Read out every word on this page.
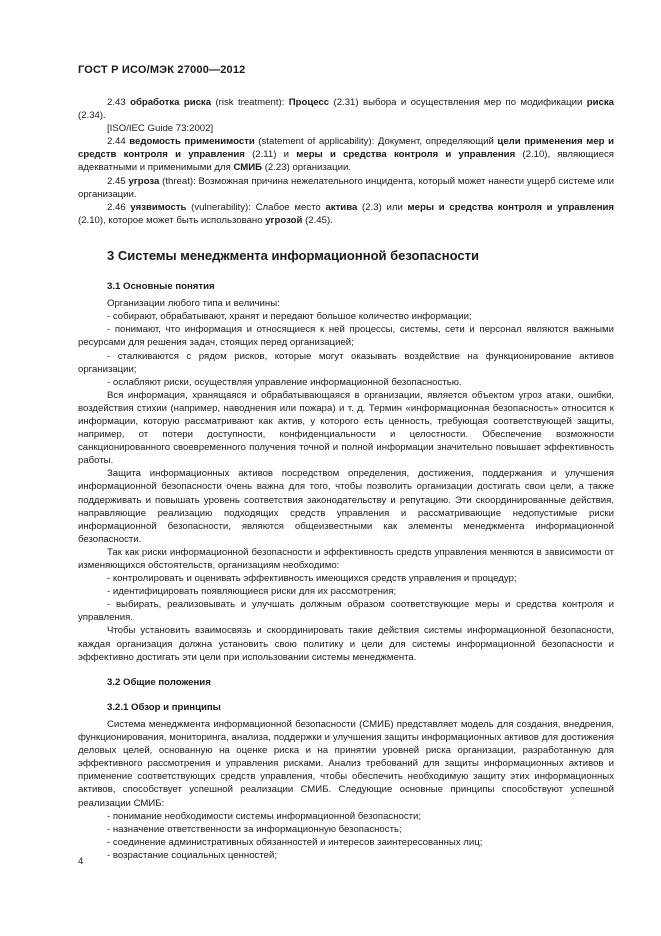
ГОСТ Р ИСО/МЭК 27000—2012

2.43 обработка риска (risk treatment): Процесс (2.31) выбора и осуществления мер по модификации риска (2.34).

[ISO/IEC Guide 73:2002]

2.44 ведомость применимости (statement of applicability): Документ, определяющий цели применения мер и средств контроля и управления (2.11) и меры и средства контроля и управления (2.10), являющиеся адекватными и применимыми для СМИБ (2.23) организации.

2.45 угроза (threat): Возможная причина нежелательного инцидента, который может нанести ущерб системе или организации.

2.46 уязвимость (vulnerability): Слабое место актива (2.3) или меры и средства контроля и управления (2.10), которое может быть использовано угрозой (2.45).

3 Системы менеджмента информационной безопасности
3.1 Основные понятия

Организации любого типа и величины:

- собирают, обрабатывают, хранят и передают большое количество информации;

- понимают, что информация и относящиеся к ней процессы, системы, сети и персонал являются важными ресурсами для решения задач, стоящих перед организацией;

- сталкиваются с рядом рисков, которые могут оказывать воздействие на функционирование активов организации;

- ослабляют риски, осуществляя управление информационной безопасностью.

Вся информация, хранящаяся и обрабатывающаяся в организации, является объектом угроз атаки, ошибки, воздействия стихии (например, наводнения или пожара) и т. д. Термин «информационная безопасность» относится к информации, которую рассматривают как актив, у которого есть ценность, требующая соответствующей защиты, например, от потери доступности, конфиденциальности и целостности. Обеспечение возможности санкционированного своевременного получения точной и полной информации значительно повышает эффективность работы.

Защита информационных активов посредством определения, достижения, поддержания и улучшения информационной безопасности очень важна для того, чтобы позволить организации достигать свои цели, а также поддерживать и повышать уровень соответствия законодательству и репутацию. Эти скоординированные действия, направляющие реализацию подходящих средств управления и рассматривающие недопустимые риски информационной безопасности, являются общеизвестными как элементы менеджмента информационной безопасности.

Так как риски информационной безопасности и эффективность средств управления меняются в зависимости от изменяющихся обстоятельств, организациям необходимо:

- контролировать и оценивать эффективность имеющихся средств управления и процедур;

- идентифицировать появляющиеся риски для их рассмотрения;

- выбирать, реализовывать и улучшать должным образом соответствующие меры и средства контроля и управления.

Чтобы установить взаимосвязь и скоординировать такие действия системы информационной безопасности, каждая организация должна установить свою политику и цели для системы информационной безопасности и эффективно достигать эти цели при использовании системы менеджмента.

3.2 Общие положения
3.2.1 Обзор и принципы

Система менеджмента информационной безопасности (СМИБ) представляет модель для создания, внедрения, функционирования, мониторинга, анализа, поддержки и улучшения защиты информационных активов для достижения деловых целей, основанную на оценке риска и на принятии уровней риска организации, разработанную для эффективного рассмотрения и управления рисками. Анализ требований для защиты информационных активов и применение соответствующих средств управления, чтобы обеспечить необходимую защиту этих информационных активов, способствует успешной реализации СМИБ. Следующие основные принципы способствуют успешной реализации СМИБ:

- понимание необходимости системы информационной безопасности;

- назначение ответственности за информационную безопасность;

- соединение административных обязанностей и интересов заинтересованных лиц;

- возрастание социальных ценностей;

4
